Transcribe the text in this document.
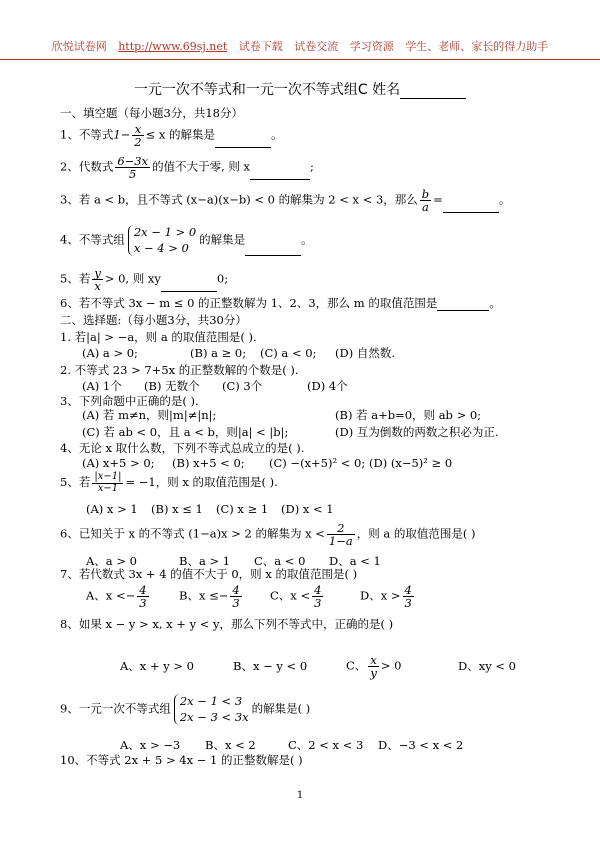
欣悦试卷网 http://www.69sj.net 试卷下载 试卷交流 学习资源 学生、老师、家长的得力助手
一元一次不等式和一元一次不等式组C 姓名
一、填空题（每小题3分，共18分）
1、不等式$1- \frac{x}{2} \le x$ 的解集是	。
2、代数式 $\frac{6-3x}{5}$ 的值不大于零, 则 x	;
3、若 a < b，且不等式 (x−a)(x−b) < 0 的解集为 2 < x < 3，那么 $\frac{b}{a}$ =	。
4、不等式组2x − 1 > 0
x − 4 > 0的解集是	。
5、若 $\frac{y}{x} > 0$, 则 xy	0;
6、若不等式 3x − m ≤ 0 的正整数解为 1、2、3，那么 m 的取值范围是	。
二、选择题:（每小题3分，共30分）
1. 若|a| > −a，则 a 的取值范围是( ).
(A) a > 0;	(B) a ≥ 0; (C) a < 0; (D) 自然数.
2. 不等式 23 > 7+5x 的正整数解的个数是( ).
(A) 1个 (B) 无数个 (C) 3个	(D) 4个
3、下列命题中正确的是( ).
(A) 若 m≠n，则|m|≠|n|;	(B) 若 a+b=0，则 ab > 0;
(C) 若 ab < 0，且 a < b，则|a| < |b|;	(D) 互为倒数的两数之积必为正.
4、无论 x 取什么数，下列不等式总成立的是( ).
(A) x+5 > 0; (B) x+5 < 0; (C) −(x+5)² < 0; (D) (x−5)² ≥ 0
5、若 $\frac{|x-1|}{x-1} = -1$，则 x 的取值范围是( ).
(A) x > 1 (B) x ≤ 1 (C) x ≥ 1 (D) x < 1
6、已知关于 x 的不等式 (1−a)x > 2 的解集为 $x < \frac{2}{1-a}$ ，则 a 的取值范围是( )
A、a > 0	B、a > 1 C、a < 0 D、a < 1
7、若代数式 3x + 4 的值不大于 0，则 x 的取值范围是( )
A、$x <- \frac{4}{3}$	B、$x \le- \frac{4}{3}$ C、$x < \frac{4}{3}$	D、$x > \frac{4}{3}$
8、如果 x − y > x, x + y < y，那么下列不等式中，正确的是( )
A、x + y > 0	B、x − y < 0	C、 $\frac{x}{y} > 0$	D、xy < 0
9、一元一次不等式组2x − 1 < 3
2x − 3 < 3x的解集是( )
A、x > −3 B、x < 2	C、2 < x < 3 D、−3 < x < 2
10、不等式 2x + 5 > 4x − 1 的正整数解是( )
1
